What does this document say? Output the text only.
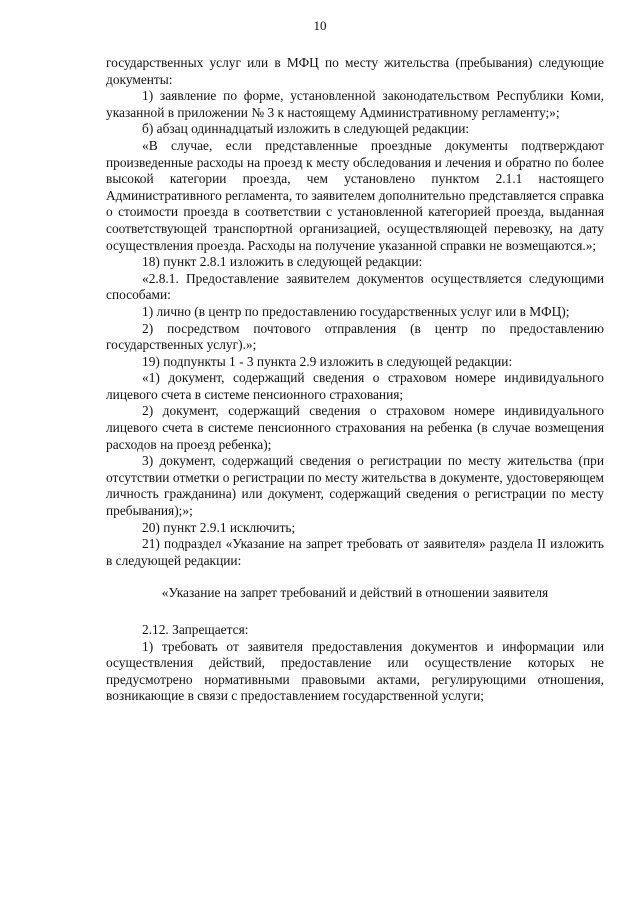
10

государственных услуг или в МФЦ по месту жительства (пребывания) следующие документы:

1) заявление по форме, установленной законодательством Республики Коми, указанной в приложении № 3 к настоящему Административному регламенту;»;

б) абзац одиннадцатый изложить в следующей редакции:

«В случае, если представленные проездные документы подтверждают произведенные расходы на проезд к месту обследования и лечения и обратно по более высокой категории проезда, чем установлено пунктом 2.1.1 настоящего Административного регламента, то заявителем дополнительно представляется справка о стоимости проезда в соответствии с установленной категорией проезда, выданная соответствующей транспортной организацией, осуществляющей перевозку, на дату осуществления проезда. Расходы на получение указанной справки не возмещаются.»;

18) пункт 2.8.1 изложить в следующей редакции:

«2.8.1. Предоставление заявителем документов осуществляется следующими способами:

1) лично (в центр по предоставлению государственных услуг или в МФЦ);

2) посредством почтового отправления (в центр по предоставлению государственных услуг).»;

19) подпункты 1 - 3 пункта 2.9 изложить в следующей редакции:

«1) документ, содержащий сведения о страховом номере индивидуального лицевого счета в системе пенсионного страхования;

2) документ, содержащий сведения о страховом номере индивидуального лицевого счета в системе пенсионного страхования на ребенка (в случае возмещения расходов на проезд ребенка);

3) документ, содержащий сведения о регистрации по месту жительства (при отсутствии отметки о регистрации по месту жительства в документе, удостоверяющем личность гражданина) или документ, содержащий сведения о регистрации по месту пребывания);»;

20) пункт 2.9.1 исключить;

21) подраздел «Указание на запрет требовать от заявителя» раздела II изложить в следующей редакции:

«Указание на запрет требований и действий в отношении заявителя

2.12. Запрещается:

1) требовать от заявителя предоставления документов и информации или осуществления действий, предоставление или осуществление которых не предусмотрено нормативными правовыми актами, регулирующими отношения, возникающие в связи с предоставлением государственной услуги;
